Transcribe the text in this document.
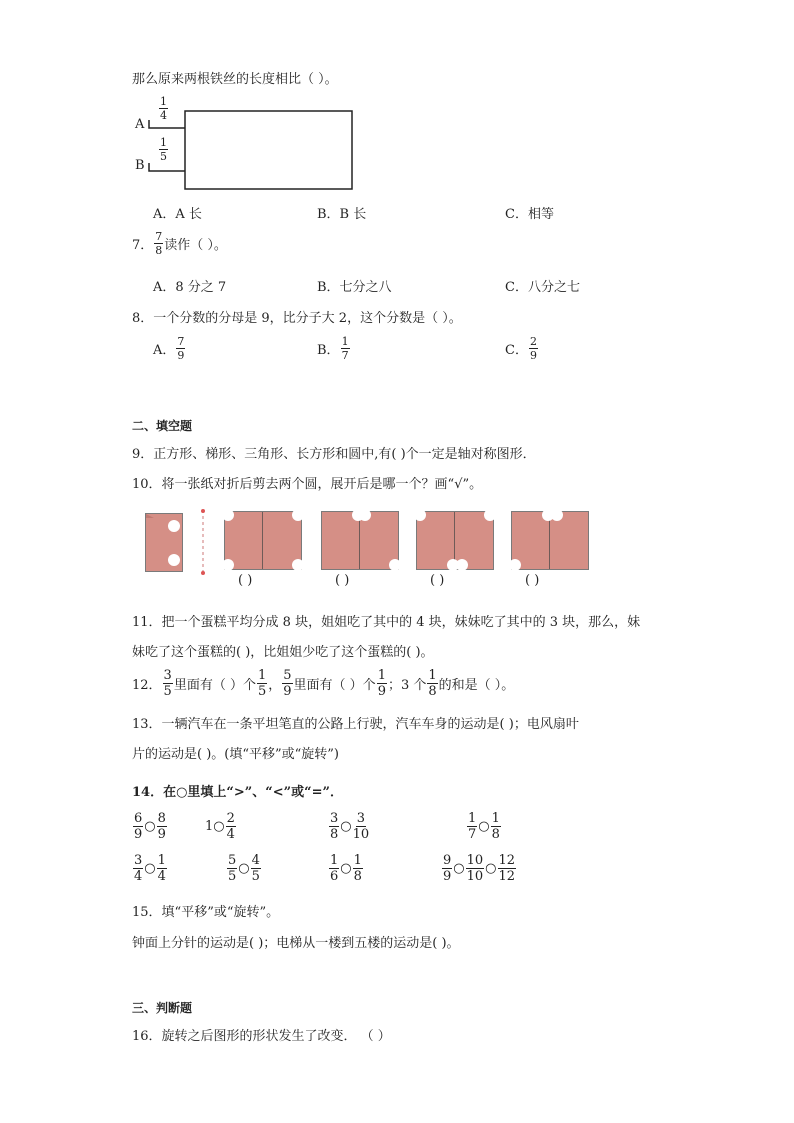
那么原来两根铁丝的长度相比（ ）。
A
B
$\frac{1}{4}$
$\frac{1}{5}$
A．A 长	B．B 长	C．相等
7． $\frac{7}{8}$ 读作（ ）。
A．8 分之 7	B．七分之八	C．八分之七
8．一个分数的分母是 9，比分子大 2，这个分数是（ ）。
A． $\frac{7}{9}$	B． $\frac{1}{7}$	C． $\frac{2}{9}$
二、填空题
9．正方形、梯形、三角形、长方形和圆中,有( )个一定是轴对称图形．
10．将一张纸对折后剪去两个圆，展开后是哪一个？画“√”。
( )	( )	( )	( )
11．把一个蛋糕平均分成 8 块，姐姐吃了其中的 4 块，妹妹吃了其中的 3 块，那么，妹
妹吃了这个蛋糕的( )，比姐姐少吃了这个蛋糕的( )。
12． $\frac{3}{5}$ 里面有（ ）个 $\frac{1}{5}$ ， $\frac{5}{9}$ 里面有（ ）个 $\frac{1}{9}$ ；3 个 $\frac{1}{8}$ 的和是（ ）。
13．一辆汽车在一条平坦笔直的公路上行驶，汽车车身的运动是( )；电风扇叶
片的运动是( )。(填“平移”或“旋转”)
14．在○里填上“>”、“<”或“=”．
$\frac{6}{9}$ ○ $\frac{8}{9}$	1 ○ $\frac{2}{4}$	$\frac{3}{8}$ ○ $\frac{3}{10}$	$\frac{1}{7}$ ○ $\frac{1}{8}$
$\frac{3}{4}$ ○ $\frac{1}{4}$	$\frac{5}{5}$ ○ $\frac{4}{5}$	$\frac{1}{6}$ ○ $\frac{1}{8}$	$\frac{9}{9}$ ○ $\frac{10}{10}$ ○ $\frac{12}{12}$
15．填“平移”或“旋转”。
钟面上分针的运动是( )；电梯从一楼到五楼的运动是( )。
三、判断题
16．旋转之后图形的形状发生了改变． （ ）
